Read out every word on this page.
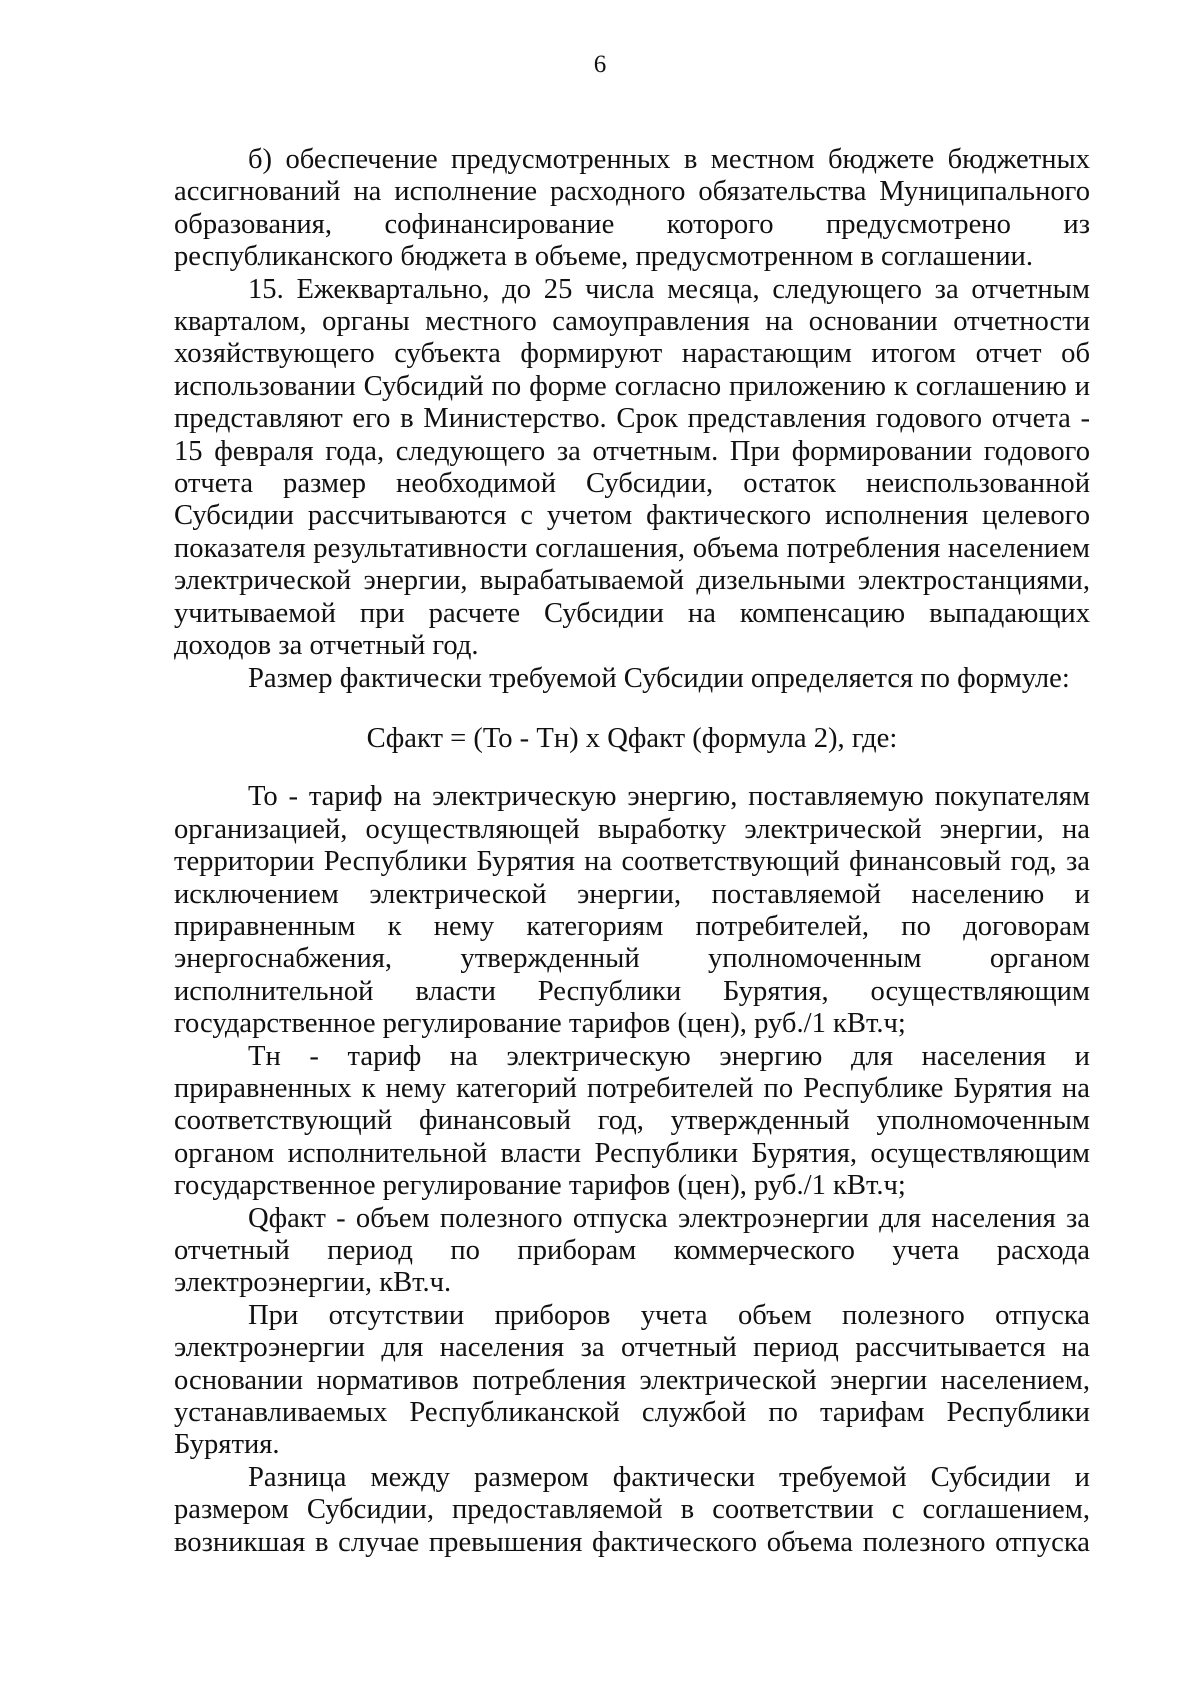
6

б) обеспечение предусмотренных в местном бюджете бюджетных ассигнований на исполнение расходного обязательства Муниципального образования, софинансирование которого предусмотрено из республиканского бюджета в объеме, предусмотренном в соглашении.

15. Ежеквартально, до 25 числа месяца, следующего за отчетным кварталом, органы местного самоуправления на основании отчетности хозяйствующего субъекта формируют нарастающим итогом отчет об использовании Субсидий по форме согласно приложению к соглашению и представляют его в Министерство. Срок представления годового отчета - 15 февраля года, следующего за отчетным. При формировании годового отчета размер необходимой Субсидии, остаток неиспользованной Субсидии рассчитываются с учетом фактического исполнения целевого показателя результативности соглашения, объема потребления населением электрической энергии, вырабатываемой дизельными электростанциями, учитываемой при расчете Субсидии на компенсацию выпадающих доходов за отчетный год.

Размер фактически требуемой Субсидии определяется по формуле:

Сфакт = (То - Тн) x Qфакт (формула 2), где:

То - тариф на электрическую энергию, поставляемую покупателям организацией, осуществляющей выработку электрической энергии, на территории Республики Бурятия на соответствующий финансовый год, за исключением электрической энергии, поставляемой населению и приравненным к нему категориям потребителей, по договорам энергоснабжения, утвержденный уполномоченным органом исполнительной власти Республики Бурятия, осуществляющим государственное регулирование тарифов (цен), руб./1 кВт.ч;

Тн - тариф на электрическую энергию для населения и приравненных к нему категорий потребителей по Республике Бурятия на соответствующий финансовый год, утвержденный уполномоченным органом исполнительной власти Республики Бурятия, осуществляющим государственное регулирование тарифов (цен), руб./1 кВт.ч;

Qфакт - объем полезного отпуска электроэнергии для населения за отчетный период по приборам коммерческого учета расхода электроэнергии, кВт.ч.

При отсутствии приборов учета объем полезного отпуска электроэнергии для населения за отчетный период рассчитывается на основании нормативов потребления электрической энергии населением, устанавливаемых Республиканской службой по тарифам Республики Бурятия.

Разница между размером фактически требуемой Субсидии и размером Субсидии, предоставляемой в соответствии с соглашением, возникшая в случае превышения фактического объема полезного отпуска
